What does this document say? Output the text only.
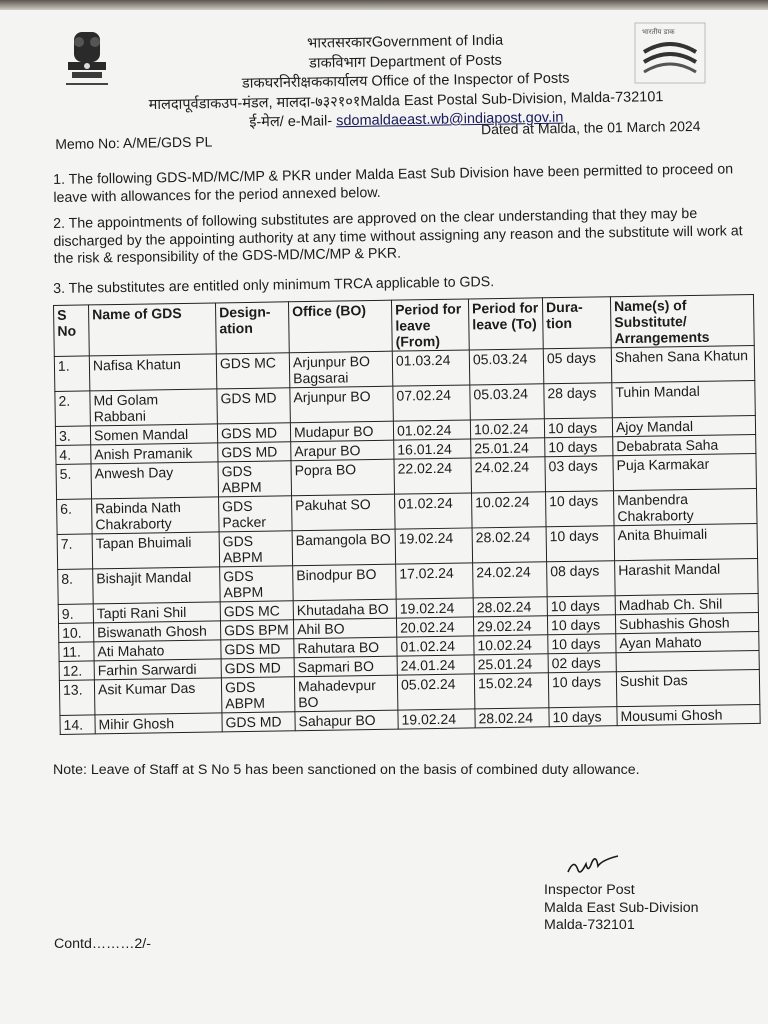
भारतीय डाक
भारतसरकारGovernment of India
डाकविभाग Department of Posts
डाकघरनिरीक्षककार्यालय Office of the Inspector of Posts
मालदापूर्वडाकउप-मंडल, मालदा-७३२१०१Malda East Postal Sub-Division, Malda-732101
ई-मेल/ e-Mail- sdomaldaeast.wb@indiapost.gov.in
Memo No: A/ME/GDS PL
Dated at Malda, the 01 March 2024
1. The following GDS-MD/MC/MP & PKR under Malda East Sub Division have been permitted to proceed on leave with allowances for the period annexed below.
2. The appointments of following substitutes are approved on the clear understanding that they may be discharged by the appointing authority at any time without assigning any reason and the substitute will work at the risk & responsibility of the GDS-MD/MC/MP & PKR.
3. The substitutes are entitled only minimum TRCA applicable to GDS.
S No	Name of GDS	Design-ation	Office (BO)	Period for leave (From)	Period for leave (To)	Dura-tion	Name(s) of Substitute/ Arrangements
1.	Nafisa Khatun	GDS MC	Arjunpur BO Bagsarai	01.03.24	05.03.24	05 days	Shahen Sana Khatun
2.	Md Golam Rabbani	GDS MD	Arjunpur BO	07.02.24	05.03.24	28 days	Tuhin Mandal
3.	Somen Mandal	GDS MD	Mudapur BO	01.02.24	10.02.24	10 days	Ajoy Mandal
4.	Anish Pramanik	GDS MD	Arapur BO	16.01.24	25.01.24	10 days	Debabrata Saha
5.	Anwesh Day	GDS ABPM	Popra BO	22.02.24	24.02.24	03 days	Puja Karmakar
6.	Rabinda Nath Chakraborty	GDS Packer	Pakuhat SO	01.02.24	10.02.24	10 days	Manbendra Chakraborty
7.	Tapan Bhuimali	GDS ABPM	Bamangola BO	19.02.24	28.02.24	10 days	Anita Bhuimali
8.	Bishajit Mandal	GDS ABPM	Binodpur BO	17.02.24	24.02.24	08 days	Harashit Mandal
9.	Tapti Rani Shil	GDS MC	Khutadaha BO	19.02.24	28.02.24	10 days	Madhab Ch. Shil
10.	Biswanath Ghosh	GDS BPM	Ahil BO	20.02.24	29.02.24	10 days	Subhashis Ghosh
11.	Ati Mahato	GDS MD	Rahutara BO	01.02.24	10.02.24	10 days	Ayan Mahato
12.	Farhin Sarwardi	GDS MD	Sapmari BO	24.01.24	25.01.24	02 days	
13.	Asit Kumar Das	GDS ABPM	Mahadevpur BO	05.02.24	15.02.24	10 days	Sushit Das
14.	Mihir Ghosh	GDS MD	Sahapur BO	19.02.24	28.02.24	10 days	Mousumi Ghosh
Note: Leave of Staff at S No 5 has been sanctioned on the basis of combined duty allowance.
Inspector Post
Malda East Sub-Division
Malda-732101
Contd………2/-
